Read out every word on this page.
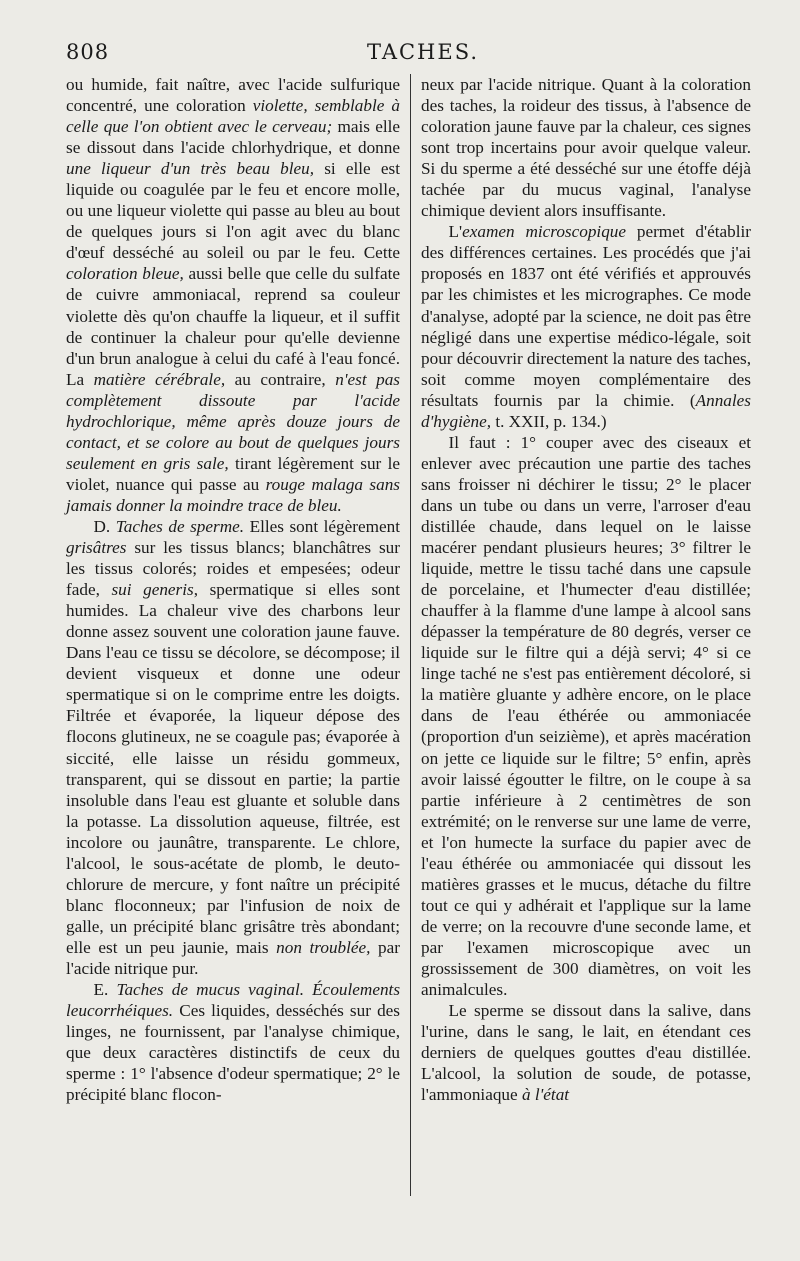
808	TACHES.

ou humide, fait naître, avec l'acide sulfurique concentré, une coloration violette, semblable à celle que l'on obtient avec le cerveau; mais elle se dissout dans l'acide chlorhydrique, et donne une liqueur d'un très beau bleu, si elle est liquide ou coagulée par le feu et encore molle, ou une liqueur violette qui passe au bleu au bout de quelques jours si l'on agit avec du blanc d'œuf desséché au soleil ou par le feu. Cette coloration bleue, aussi belle que celle du sulfate de cuivre ammoniacal, reprend sa couleur violette dès qu'on chauffe la liqueur, et il suffit de continuer la chaleur pour qu'elle devienne d'un brun analogue à celui du café à l'eau foncé. La matière cérébrale, au contraire, n'est pas complètement dissoute par l'acide hydrochlorique, même après douze jours de contact, et se colore au bout de quelques jours seulement en gris sale, tirant légèrement sur le violet, nuance qui passe au rouge malaga sans jamais donner la moindre trace de bleu.

D. Taches de sperme. Elles sont légèrement grisâtres sur les tissus blancs; blanchâtres sur les tissus colorés; roides et empesées; odeur fade, sui generis, spermatique si elles sont humides. La chaleur vive des charbons leur donne assez souvent une coloration jaune fauve. Dans l'eau ce tissu se décolore, se décompose; il devient visqueux et donne une odeur spermatique si on le comprime entre les doigts. Filtrée et évaporée, la liqueur dépose des flocons glutineux, ne se coagule pas; évaporée à siccité, elle laisse un résidu gommeux, transparent, qui se dissout en partie; la partie insoluble dans l'eau est gluante et soluble dans la potasse. La dissolution aqueuse, filtrée, est incolore ou jaunâtre, transparente. Le chlore, l'alcool, le sous-acétate de plomb, le deuto-chlorure de mercure, y font naître un précipité blanc floconneux; par l'infusion de noix de galle, un précipité blanc grisâtre très abondant; elle est un peu jaunie, mais non troublée, par l'acide nitrique pur.

E. Taches de mucus vaginal. Écoulements leucorrhéiques. Ces liquides, desséchés sur des linges, ne fournissent, par l'analyse chimique, que deux caractères distinctifs de ceux du sperme : 1° l'absence d'odeur spermatique; 2° le précipité blanc flocon-

neux par l'acide nitrique. Quant à la coloration des taches, la roideur des tissus, à l'absence de coloration jaune fauve par la chaleur, ces signes sont trop incertains pour avoir quelque valeur. Si du sperme a été desséché sur une étoffe déjà tachée par du mucus vaginal, l'analyse chimique devient alors insuffisante.

L'examen microscopique permet d'établir des différences certaines. Les procédés que j'ai proposés en 1837 ont été vérifiés et approuvés par les chimistes et les micrographes. Ce mode d'analyse, adopté par la science, ne doit pas être négligé dans une expertise médico-légale, soit pour découvrir directement la nature des taches, soit comme moyen complémentaire des résultats fournis par la chimie. (Annales d'hygiène, t. XXII, p. 134.)

Il faut : 1° couper avec des ciseaux et enlever avec précaution une partie des taches sans froisser ni déchirer le tissu; 2° le placer dans un tube ou dans un verre, l'arroser d'eau distillée chaude, dans lequel on le laisse macérer pendant plusieurs heures; 3° filtrer le liquide, mettre le tissu taché dans une capsule de porcelaine, et l'humecter d'eau distillée; chauffer à la flamme d'une lampe à alcool sans dépasser la température de 80 degrés, verser ce liquide sur le filtre qui a déjà servi; 4° si ce linge taché ne s'est pas entièrement décoloré, si la matière gluante y adhère encore, on le place dans de l'eau éthérée ou ammoniacée (proportion d'un seizième), et après macération on jette ce liquide sur le filtre; 5° enfin, après avoir laissé égoutter le filtre, on le coupe à sa partie inférieure à 2 centimètres de son extrémité; on le renverse sur une lame de verre, et l'on humecte la surface du papier avec de l'eau éthérée ou ammoniacée qui dissout les matières grasses et le mucus, détache du filtre tout ce qui y adhérait et l'applique sur la lame de verre; on la recouvre d'une seconde lame, et par l'examen microscopique avec un grossissement de 300 diamètres, on voit les animalcules.

Le sperme se dissout dans la salive, dans l'urine, dans le sang, le lait, en étendant ces derniers de quelques gouttes d'eau distillée. L'alcool, la solution de soude, de potasse, l'ammoniaque à l'état
